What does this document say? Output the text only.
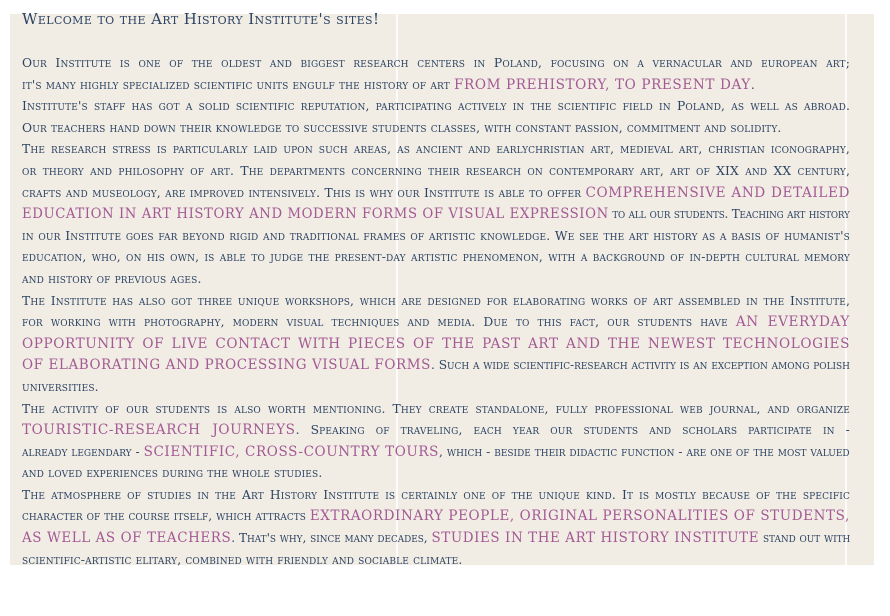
Welcome to the Art History Institute's sites!
Our Institute is one of the oldest and biggest research centers in Poland, focusing on a vernacular and european art;
it's many highly specialized scientific units engulf the history of art FROM PREHISTORY, TO PRESENT DAY.
Institute's staff has got a solid scientific reputation, participating actively in the scientific field in Poland, as well as abroad.
Our teachers hand down their knowledge to successive students classes, with constant passion, commitment and solidity.
The research stress is particularly laid upon such areas, as ancient and earlychristian art, medieval art, christian iconography,
or theory and philosophy of art. The departments concerning their research on contemporary art, art of XIX and XX century,
crafts and museology, are improved intensively. This is why our Institute is able to offer COMPREHENSIVE AND DETAILED
EDUCATION IN ART HISTORY AND MODERN FORMS OF VISUAL EXPRESSION to all our students. Teaching art history
in our Institute goes far beyond rigid and traditional frames of artistic knowledge. We see the art history as a basis of humanist's
education, who, on his own, is able to judge the present-day artistic phenomenon, with a background of in-depth cultural memory
and history of previous ages.
The Institute has also got three unique workshops, which are designed for elaborating works of art assembled in the Institute,
for working with photography, modern visual techniques and media. Due to this fact, our students have AN EVERYDAY
OPPORTUNITY OF LIVE CONTACT WITH PIECES OF THE PAST ART AND THE NEWEST TECHNOLOGIES
OF ELABORATING AND PROCESSING VISUAL FORMS. Such a wide scientific-research activity is an exception among polish
universities.
The activity of our students is also worth mentioning. They create standalone, fully professional web journal, and organize
TOURISTIC-RESEARCH JOURNEYS. Speaking of traveling, each year our students and scholars participate in -
already legendary - SCIENTIFIC, CROSS-COUNTRY TOURS, which - beside their didactic function - are one of the most valued
and loved experiences during the whole studies.
The atmosphere of studies in the Art History Institute is certainly one of the unique kind. It is mostly because of the specific
character of the course itself, which attracts EXTRAORDINARY PEOPLE, ORIGINAL PERSONALITIES OF STUDENTS,
AS WELL AS OF TEACHERS. That's why, since many decades, STUDIES IN THE ART HISTORY INSTITUTE stand out with
scientific-artistic elitary, combined with friendly and sociable climate.
